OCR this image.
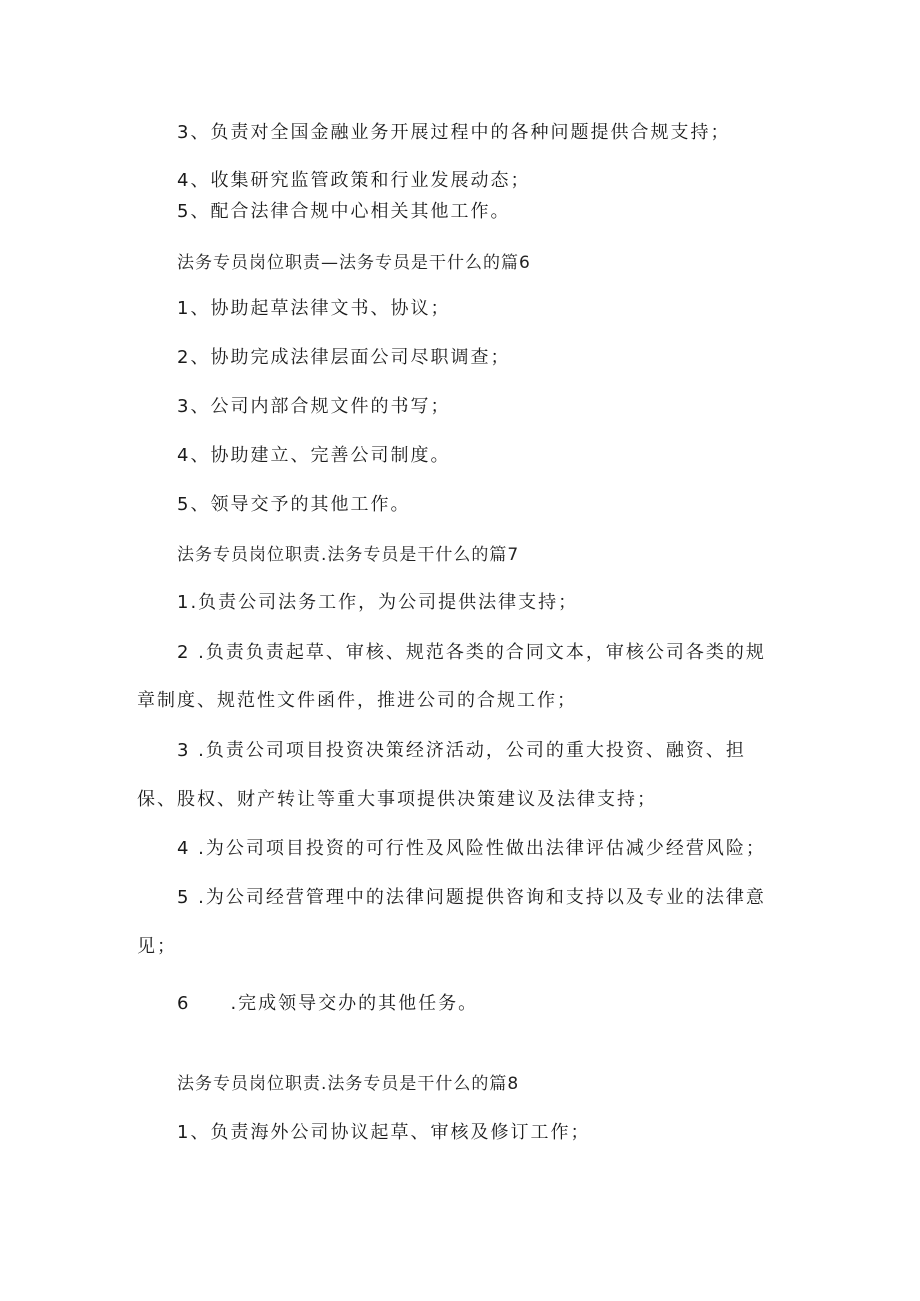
3、负责对全国金融业务开展过程中的各种问题提供合规支持；
4、收集研究监管政策和行业发展动态；
5、配合法律合规中心相关其他工作。
法务专员岗位职责—法务专员是干什么的篇6
1、协助起草法律文书、协议；
2、协助完成法律层面公司尽职调查；
3、公司内部合规文件的书写；
4、协助建立、完善公司制度。
5、领导交予的其他工作。
法务专员岗位职责.法务专员是干什么的篇7
1.负责公司法务工作，为公司提供法律支持；
2 .负责负责起草、审核、规范各类的合同文本，审核公司各类的规
章制度、规范性文件函件，推进公司的合规工作；
3 .负责公司项目投资决策经济活动，公司的重大投资、融资、担
保、股权、财产转让等重大事项提供决策建议及法律支持；
4 .为公司项目投资的可行性及风险性做出法律评估减少经营风险；
5 .为公司经营管理中的法律问题提供咨询和支持以及专业的法律意
见；
6　　.完成领导交办的其他任务。
法务专员岗位职责.法务专员是干什么的篇8
1、负责海外公司协议起草、审核及修订工作；
